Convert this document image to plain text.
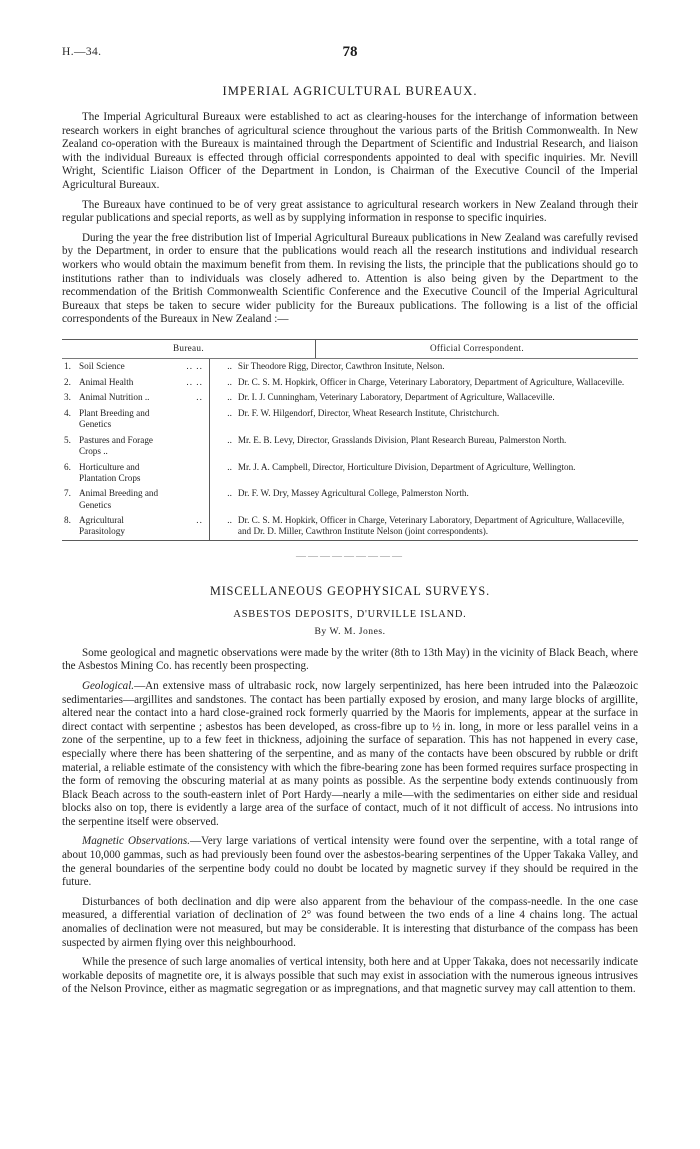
H.—34.	78
IMPERIAL AGRICULTURAL BUREAUX.

The Imperial Agricultural Bureaux were established to act as clearing-houses for the interchange of information between research workers in eight branches of agricultural science throughout the various parts of the British Commonwealth. In New Zealand co-operation with the Bureaux is maintained through the Department of Scientific and Industrial Research, and liaison with the individual Bureaux is effected through official correspondents appointed to deal with specific inquiries. Mr. Nevill Wright, Scientific Liaison Officer of the Department in London, is Chairman of the Executive Council of the Imperial Agricultural Bureaux.

The Bureaux have continued to be of very great assistance to agricultural research workers in New Zealand through their regular publications and special reports, as well as by supplying information in response to specific inquiries.

During the year the free distribution list of Imperial Agricultural Bureaux publications in New Zealand was carefully revised by the Department, in order to ensure that the publications would reach all the research institutions and individual research workers who would obtain the maximum benefit from them. In revising the lists, the principle that the publications should go to institutions rather than to individuals was closely adhered to. Attention is also being given by the Department to the recommendation of the British Commonwealth Scientific Conference and the Executive Council of the Imperial Agricultural Bureaux that steps be taken to secure wider publicity for the Bureaux publications. The following is a list of the official correspondents of the Bureaux in New Zealand :—

Bureau.	Official Correspondent.
1.	Soil Science	.. ..	..	Sir Theodore Rigg, Director, Cawthron Insitute, Nelson.
2.	Animal Health	.. ..	..	Dr. C. S. M. Hopkirk, Officer in Charge, Veterinary Laboratory, Department of Agriculture, Wallaceville.
3.	Animal Nutrition ..	..	..	Dr. I. J. Cunningham, Veterinary Laboratory, Department of Agriculture, Wallaceville.
4.	Plant Breeding and Genetics		..	Dr. F. W. Hilgendorf, Director, Wheat Research Institute, Christchurch.
5.	Pastures and Forage Crops ..		..	Mr. E. B. Levy, Director, Grasslands Division, Plant Research Bureau, Palmerston North.
6.	Horticulture and Plantation Crops		..	Mr. J. A. Campbell, Director, Horticulture Division, Department of Agriculture, Wellington.
7.	Animal Breeding and Genetics		..	Dr. F. W. Dry, Massey Agricultural College, Palmerston North.
8.	Agricultural Parasitology	..	..	Dr. C. S. M. Hopkirk, Officer in Charge, Veterinary Laboratory, Department of Agriculture, Wallaceville, and Dr. D. Miller, Cawthron Institute Nelson (joint correspondents).
—————————
MISCELLANEOUS GEOPHYSICAL SURVEYS.
ASBESTOS DEPOSITS, D'URVILLE ISLAND.
By W. M. Jones.

Some geological and magnetic observations were made by the writer (8th to 13th May) in the vicinity of Black Beach, where the Asbestos Mining Co. has recently been prospecting.

Geological.—An extensive mass of ultrabasic rock, now largely serpentinized, has here been intruded into the Palæozoic sedimentaries—argillites and sandstones. The contact has been partially exposed by erosion, and many large blocks of argillite, altered near the contact into a hard close-grained rock formerly quarried by the Maoris for implements, appear at the surface in direct contact with serpentine ; asbestos has been developed, as cross-fibre up to ½ in. long, in more or less parallel veins in a zone of the serpentine, up to a few feet in thickness, adjoining the surface of separation. This has not happened in every case, especially where there has been shattering of the serpentine, and as many of the contacts have been obscured by rubble or drift material, a reliable estimate of the consistency with which the fibre-bearing zone has been formed requires surface prospecting in the form of removing the obscuring material at as many points as possible. As the serpentine body extends continuously from Black Beach across to the south-eastern inlet of Port Hardy—nearly a mile—with the sedimentaries on either side and residual blocks also on top, there is evidently a large area of the surface of contact, much of it not difficult of access. No intrusions into the serpentine itself were observed.

Magnetic Observations.—Very large variations of vertical intensity were found over the serpentine, with a total range of about 10,000 gammas, such as had previously been found over the asbestos-bearing serpentines of the Upper Takaka Valley, and the general boundaries of the serpentine body could no doubt be located by magnetic survey if they should be required in the future.

Disturbances of both declination and dip were also apparent from the behaviour of the compass-needle. In the one case measured, a differential variation of declination of 2° was found between the two ends of a line 4 chains long. The actual anomalies of declination were not measured, but may be considerable. It is interesting that disturbance of the compass has been suspected by airmen flying over this neighbourhood.

While the presence of such large anomalies of vertical intensity, both here and at Upper Takaka, does not necessarily indicate workable deposits of magnetite ore, it is always possible that such may exist in association with the numerous igneous intrusives of the Nelson Province, either as magmatic segregation or as impregnations, and that magnetic survey may call attention to them.
